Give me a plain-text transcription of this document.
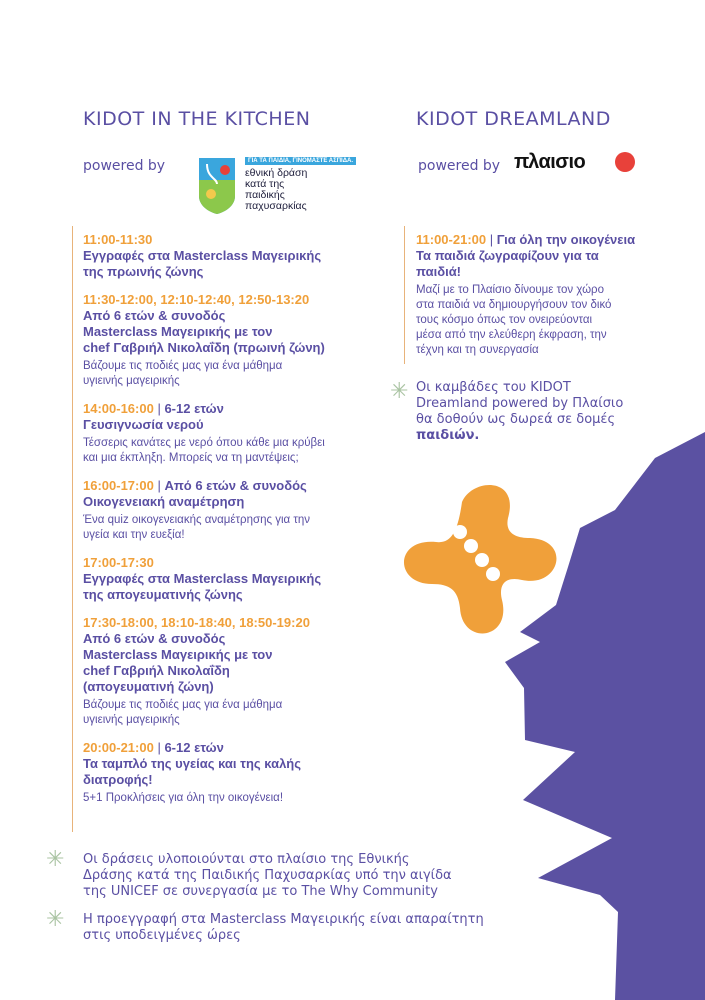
KIDOT IN THE KITCHEN
powered by	ΓΙΑ ΤΑ ΠΑΙΔΙΑ, ΓΙΝΟΜΑΣΤΕ ΑΣΠΙΔΑ.
εθνική δράση
κατά της
παιδικής
παχυσαρκίας
KIDOT DREAMLAND
powered by πλαισιο
11:00-11:30
Εγγραφές στα Masterclass Μαγειρικής
της πρωινής ζώνης
11:30-12:00, 12:10-12:40, 12:50-13:20
Από 6 ετών & συνοδός
Masterclass Μαγειρικής με τον
chef Γαβριήλ Νικολαΐδη (πρωινή ζώνη)
Βάζουμε τις ποδιές μας για ένα μάθημα
υγιεινής μαγειρικής
14:00-16:00 | 6-12 ετών
Γευσιγνωσία νερού
Τέσσερις κανάτες με νερό όπου κάθε μια κρύβει
και μια έκπληξη. Μπορείς να τη μαντέψεις;
16:00-17:00 | Από 6 ετών & συνοδός
Οικογενειακή αναμέτρηση
Ένα quiz οικογενειακής αναμέτρησης για την
υγεία και την ευεξία!
17:00-17:30
Εγγραφές στα Masterclass Μαγειρικής
της απογευματινής ζώνης
17:30-18:00, 18:10-18:40, 18:50-19:20
Από 6 ετών & συνοδός
Masterclass Μαγειρικής με τον
chef Γαβριήλ Νικολαΐδη
(απογευματινή ζώνη)
Βάζουμε τις ποδιές μας για ένα μάθημα
υγιεινής μαγειρικής
20:00-21:00 | 6-12 ετών
Τα ταμπλό της υγείας και της καλής
διατροφής!
5+1 Προκλήσεις για όλη την οικογένεια!
11:00-21:00 | Για όλη την οικογένεια
Τα παιδιά ζωγραφίζουν για τα
παιδιά!
Μαζί με το Πλαίσιο δίνουμε τον χώρο
στα παιδιά να δημιουργήσουν τον δικό
τους κόσμο όπως τον ονειρεύονται
μέσα από την ελεύθερη έκφραση, την
τέχνη και τη συνεργασία
✳ Οι καμβάδες του KIDOT
Dreamland powered by Πλαίσιο
θα δοθούν ως δωρεά σε δομές
παιδιών.
✳ Οι δράσεις υλοποιούνται στο πλαίσιο της Εθνικής
Δράσης κατά της Παιδικής Παχυσαρκίας υπό την αιγίδα
της UNICEF σε συνεργασία με το The Why Community
✳ Η προεγγραφή στα Masterclass Μαγειρικής είναι απαραίτητη
στις υποδειγμένες ώρες
